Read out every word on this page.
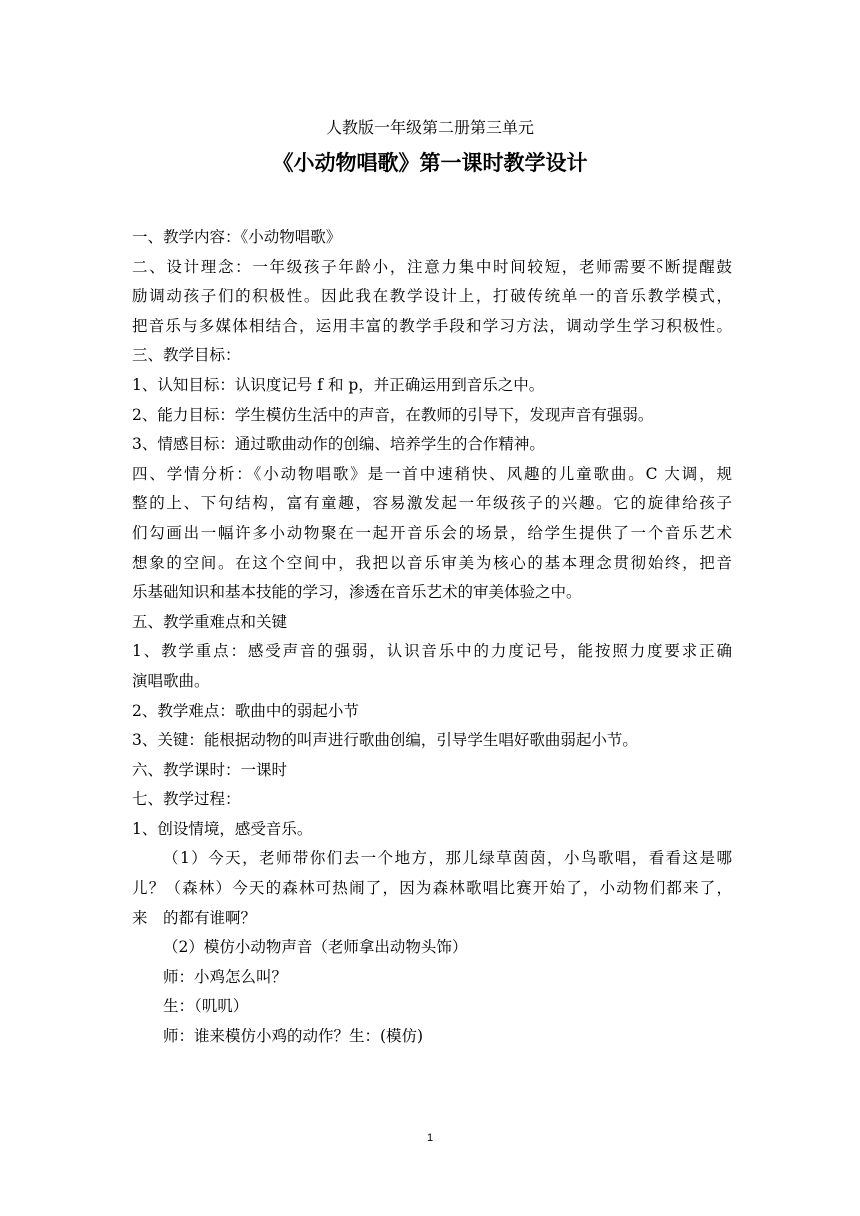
人教版一年级第二册第三单元
《小动物唱歌》第一课时教学设计
一、教学内容：《小动物唱歌》
二、设计理念：一年级孩子年龄小，注意力集中时间较短，老师需要不断提醒鼓
励调动孩子们的积极性。因此我在教学设计上，打破传统单一的音乐教学模式，
把音乐与多媒体相结合，运用丰富的教学手段和学习方法，调动学生学习积极性。
三、教学目标：
1、认知目标：认识度记号 f 和 p，并正确运用到音乐之中。
2、能力目标：学生模仿生活中的声音，在教师的引导下，发现声音有强弱。
3、情感目标：通过歌曲动作的创编、培养学生的合作精神。
四、学情分析：《小动物唱歌》是一首中速稍快、风趣的儿童歌曲。C 大调，规
整的上、下句结构，富有童趣，容易激发起一年级孩子的兴趣。它的旋律给孩子
们勾画出一幅许多小动物聚在一起开音乐会的场景，给学生提供了一个音乐艺术
想象的空间。在这个空间中，我把以音乐审美为核心的基本理念贯彻始终，把音
乐基础知识和基本技能的学习，渗透在音乐艺术的审美体验之中。
五、教学重难点和关键
1、教学重点：感受声音的强弱，认识音乐中的力度记号，能按照力度要求正确
演唱歌曲。
2、教学难点：歌曲中的弱起小节
3、关键：能根据动物的叫声进行歌曲创编，引导学生唱好歌曲弱起小节。
六、教学课时：一课时
七、教学过程：
1、创设情境，感受音乐。
（1）今天，老师带你们去一个地方，那儿绿草茵茵，小鸟歌唱，看看这是哪
儿？（森林）今天的森林可热闹了，因为森林歌唱比赛开始了，小动物们都来了，
来　的都有谁啊？
（2）模仿小动物声音（老师拿出动物头饰）
师：小鸡怎么叫？
生：（叽叽）
师：谁来模仿小鸡的动作？生：(模仿)
1
